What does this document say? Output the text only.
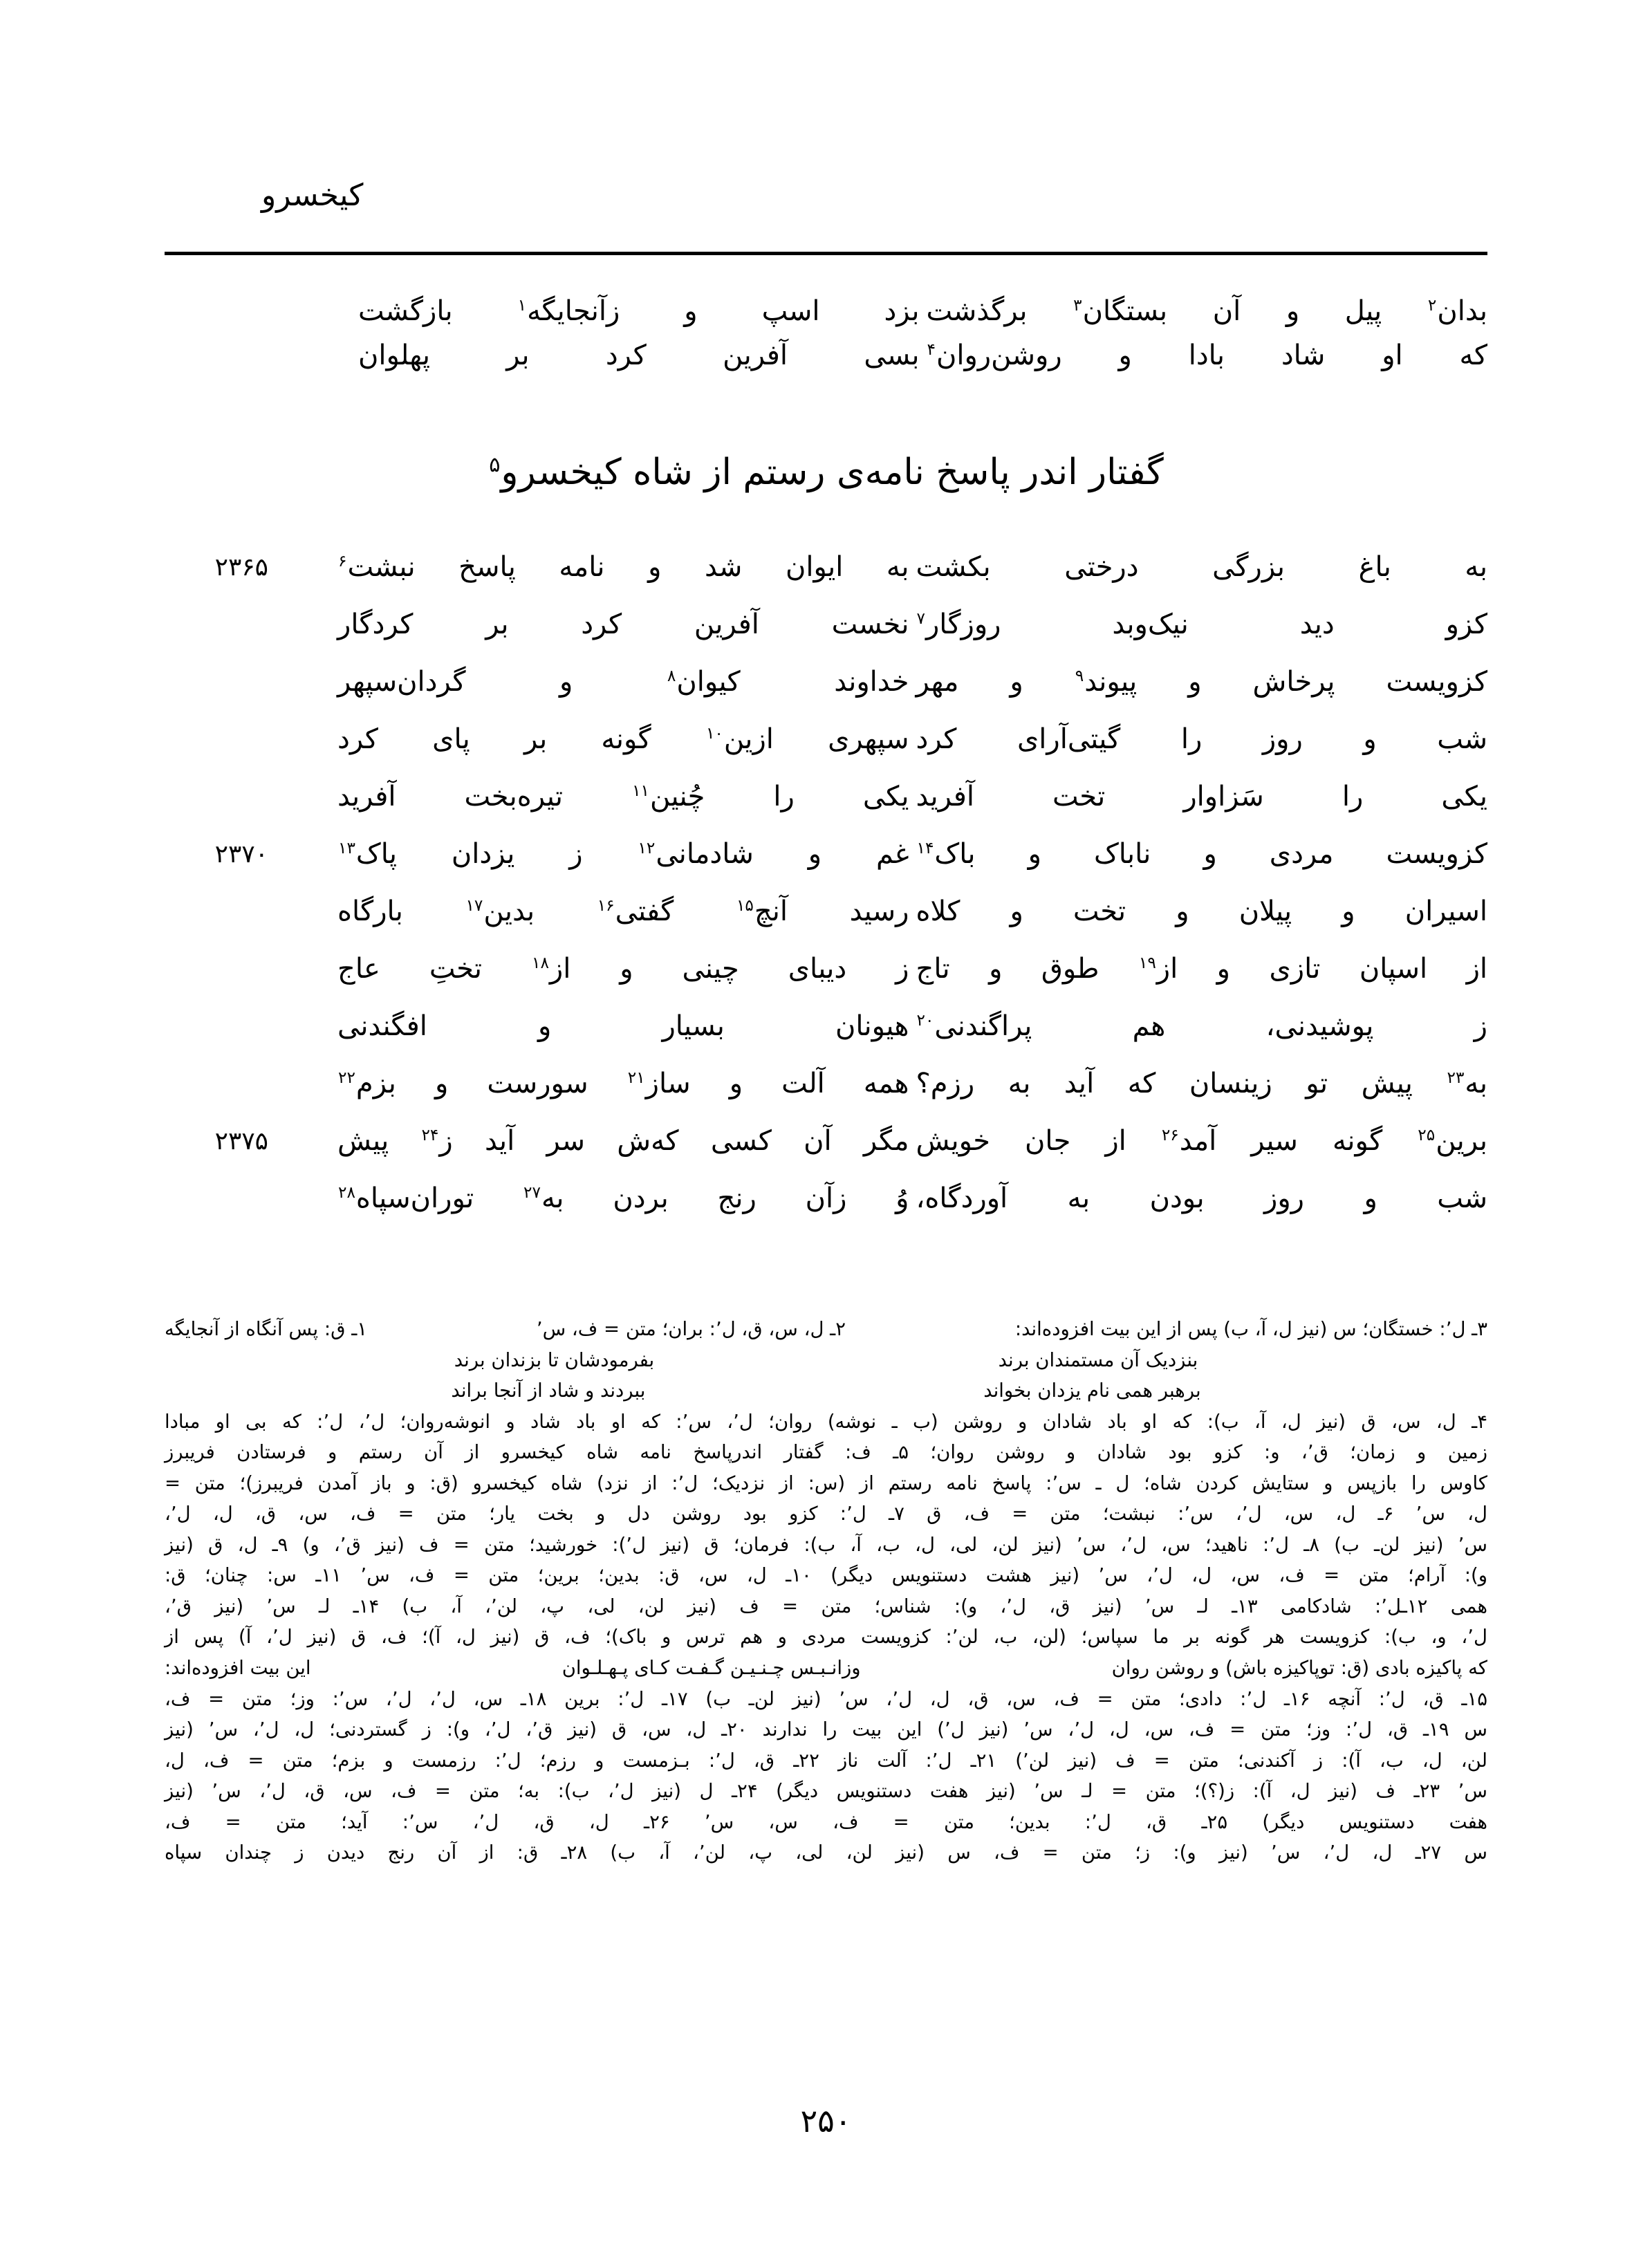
کیخسرو
بدان$^۲$ پیل و آن بستگان$^۳$ برگذشت
بزد اسپ و زآنجایگه$^۱$ بازگشت
که او شاد بادا و روشن‌روان$^۴$
بسی آفرین کرد بر پهلوان
گفتار اندر پاسخ نامه‌ی رستم از شاه کیخسرو$^۵$
به باغ بزرگی درختی بکشت
به ایوان شد و نامه پاسخ نبشت$^۶$
۲۳۶۵
کزو دید نیک‌وبد روزگار$^۷$
نخست آفرین کرد بر کردگار
کزویست پرخاش و پیوند$^۹$ و مهر
خداوند کیوان$^۸$ و گردان‌سپهر
شب و روز را گیتی‌آرای کرد
سپهری ازین$^{۱۰}$ گونه بر پای کرد
یکی را سَزاوار تخت آفرید
یکی را چُنین$^{۱۱}$ تیره‌بخت آفرید
کزویست مردی و ناباک و باک$^{۱۴}$
غم و شادمانی$^{۱۲}$ ز یزدان پاک$^{۱۳}$
۲۳۷۰
اسیران و پیلان و تخت و کلاه
رسید آنچ$^{۱۵}$ گفتی$^{۱۶}$ بدین$^{۱۷}$ بارگاه
از اسپان تازی و از$^{۱۹}$ طوق و تاج
ز دیبای چینی و از$^{۱۸}$ تختِ عاج
ز پوشیدنی، هم پراگندنی$^{۲۰}$
هیونان بسیار و افگندنی
به$^{۲۳}$ پیش تو زینسان که آید به رزم؟
همه آلت و ساز$^{۲۱}$ سورست و بزم$^{۲۲}$
برین$^{۲۵}$ گونه سیر آمد$^{۲۶}$ از جان خویش
مگر آن کسی که‌ش سر آید ز$^{۲۴}$ پیش
۲۳۷۵
شب و روز بودن به آوردگاه،
وُ زآن رنج بردن به$^{۲۷}$ توران‌سپاه$^{۲۸}$
۳ـ ل‌٬: خستگان؛ س (نیز ل، آ، ب) پس از این بیت افزوده‌اند:
۲ـ ل، س، ق، ل‌٬: بران؛ متن = ف، س‌٬
۱ـ ق: پس آنگاه از آنجایگه
بنزدیک آن مستمندان برند
بفرمودشان تا بزندان برند
برهبر همی نام یزدان بخواند
ببردند و شاد از آنجا براند
۴ـ ل، س، ق (نیز ل، آ، ب): که او باد شادان و روشن (ب ـ نوشه) روان؛ ل‌٬، س‌٬: که او باد شاد و انوشه‌روان؛ ل‌٬، ل‌٬: که بی او مبادا
زمین و زمان؛ ق‌٬، و: کزو بود شادان و روشن روان؛ ۵ـ ف: گفتار اندرپاسخ نامه شاه کیخسرو از آن رستم و فرستادن فریبرز
کاوس را بازپس و ستایش کردن شاه؛ ل ـ س‌٬: پاسخ نامه رستم از (س: از نزدیک؛ ل‌٬: از نزد) شاه کیخسرو (ق: و باز آمدن فریبرز)؛ متن =
ل، س‌٬ ۶ـ ل، س، ل‌٬، س‌٬: نبشت؛ متن = ف، ق ۷ـ ل‌٬: کزو بود روشن دل و بخت یار؛ متن = ف، س، ق، ل، ل‌٬،
س‌٬ (نیز لن‌ـ ب) ۸ـ ل‌٬: ناهید؛ س، ل‌٬، س‌٬ (نیز لن، لی، ل، ب، آ، ب): فرمان؛ ق (نیز ل‌٬): خورشید؛ متن = ف (نیز ق‌٬، و) ۹ـ ل، ق (نیز
و): آرام؛ متن = ف، س، ل، ل‌٬، س‌٬ (نیز هشت دستنویس دیگر) ۱۰ـ ل، س، ق: بدین؛ برین؛ متن = ف، س‌٬ ۱۱ـ س: چنان؛ ق:
همی ۱۲ـل‌٬: شادکامی ۱۳ـ لـ س‌٬ (نیز ق، ل‌٬، و): شناس؛ متن = ف (نیز لن، لی، پ، لن‌٬، آ، ب) ۱۴ـ لـ س‌٬ (نیز ق‌٬،
ل‌٬، و، ب): کزویست هر گونه بر ما سپاس؛ (لن، ب، لن‌٬: کزویست مردی و هم ترس و باک)؛ ف، ق (نیز ل، آ)؛ ف، ق (نیز ل‌٬، آ) پس از
که پاکیزه بادی (ق: توپاکیزه باش) و روشن روان
وزانـبـس چـنـیـن گـفـت کـای پـهـلـوان
این بیت افزوده‌اند:
۱۵ـ ق، ل‌٬: آنچه ۱۶ـ ل‌٬: دادی؛ متن = ف، س، ق، ل، ل‌٬، س‌٬ (نیز لن‌ـ ب) ۱۷ـ ل‌٬: برین ۱۸ـ س، ل‌٬، ل‌٬، س‌٬: وز؛ متن = ف،
س ۱۹ـ ق، ل‌٬: وز؛ متن = ف، س، ل، ل‌٬، س‌٬ (نیز ل‌٬) این بیت را ندارند ۲۰ـ ل، س، ق (نیز ق‌٬، ل‌٬، و): ز گستردنی؛ ل، ل‌٬، س‌٬ (نیز
لن، ل، ب، آ): ز آکندنی؛ متن = ف (نیز لن‌٬) ۲۱ـ ل‌٬: آلت ناز ۲۲ـ ق، ل‌٬: بـزمست و رزم؛ ل‌٬: رزمست و بزم؛ متن = ف، ل،
س‌٬ ۲۳ـ ف (نیز ل، آ): ز(؟)؛ متن = لـ س‌٬ (نیز هفت دستنویس دیگر) ۲۴ـ ل (نیز ل‌٬، ب): به؛ متن = ف، س، ق، ل‌٬، س‌٬ (نیز
هفت دستنویس دیگر) ۲۵ـ ق، ل‌٬: بدین؛ متن = ف، س، س‌٬ ۲۶ـ ل، ق، ل‌٬، س‌٬: آید؛ متن = ف،
س ۲۷ـ ل، ل‌٬، س‌٬ (نیز و): ز؛ متن = ف، س (نیز لن، لی، پ، لن‌٬، آ، ب) ۲۸ـ ق: از آن رنج دیدن ز چندان سپاه
۲۵۰
